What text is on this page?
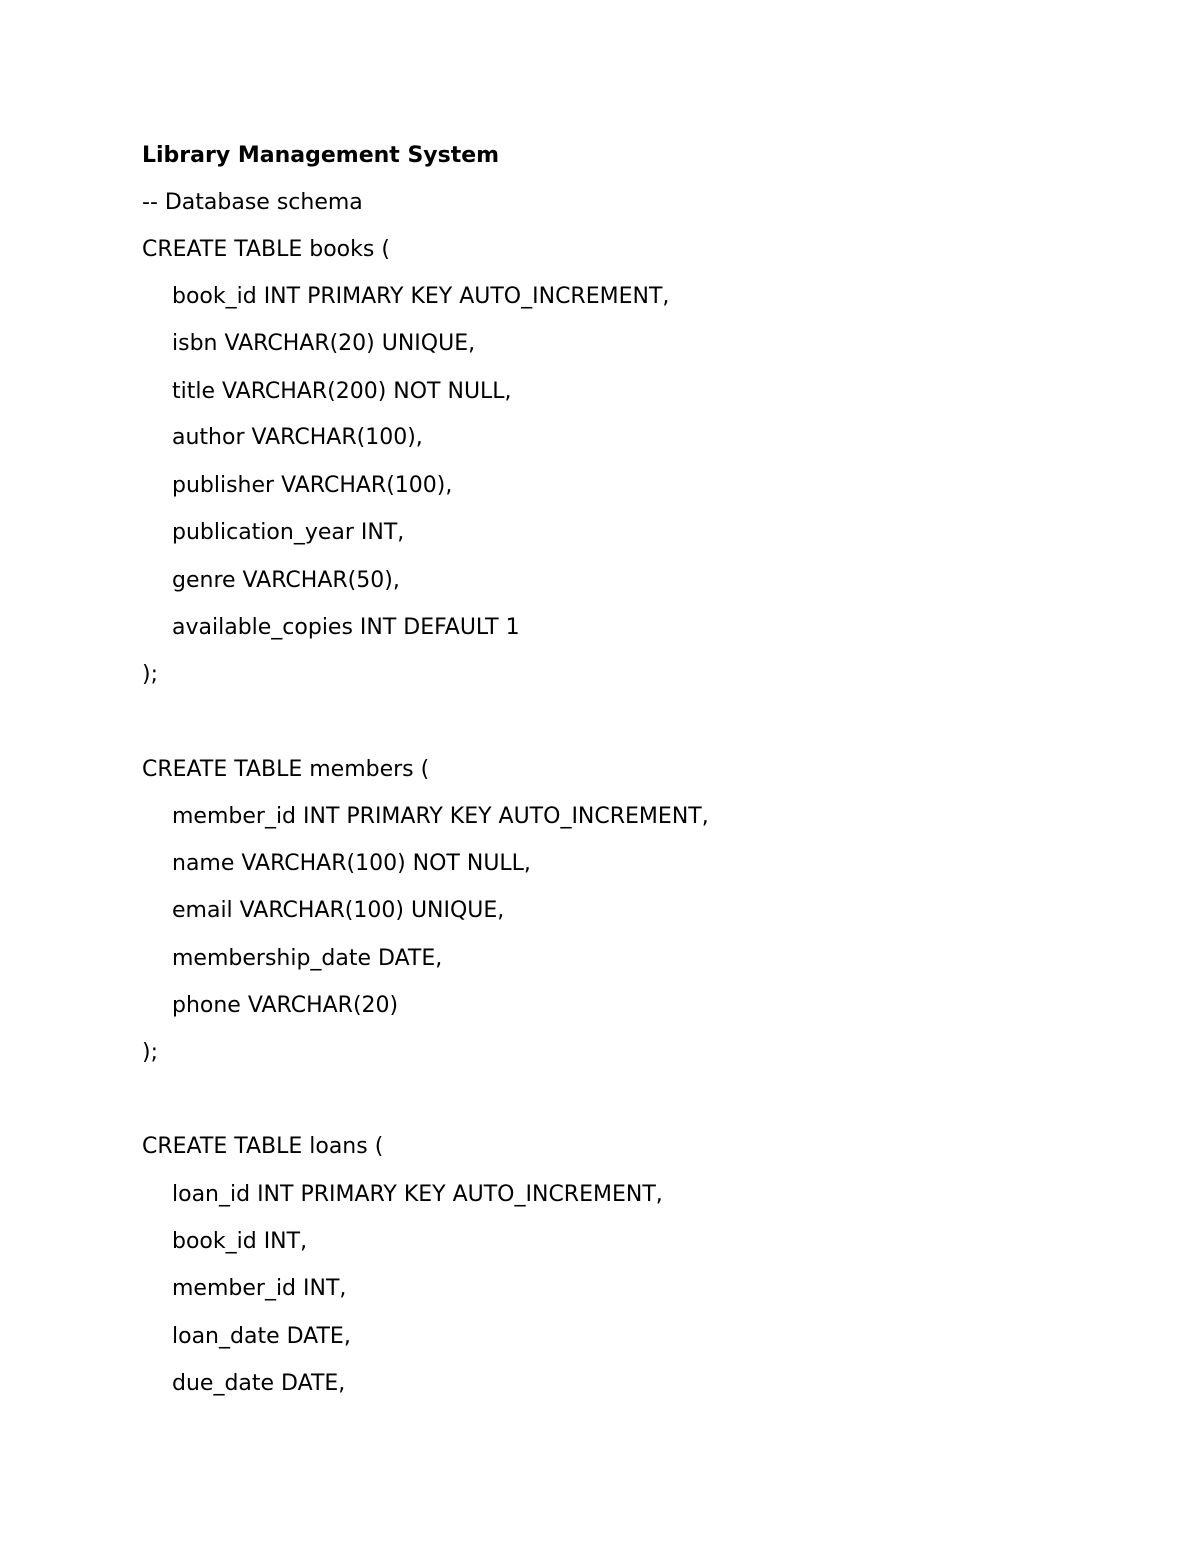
Library Management System
-- Database schema
CREATE TABLE books (
book_id INT PRIMARY KEY AUTO_INCREMENT,
isbn VARCHAR(20) UNIQUE,
title VARCHAR(200) NOT NULL,
author VARCHAR(100),
publisher VARCHAR(100),
publication_year INT,
genre VARCHAR(50),
available_copies INT DEFAULT 1
);
CREATE TABLE members (
member_id INT PRIMARY KEY AUTO_INCREMENT,
name VARCHAR(100) NOT NULL,
email VARCHAR(100) UNIQUE,
membership_date DATE,
phone VARCHAR(20)
);
CREATE TABLE loans (
loan_id INT PRIMARY KEY AUTO_INCREMENT,
book_id INT,
member_id INT,
loan_date DATE,
due_date DATE,
